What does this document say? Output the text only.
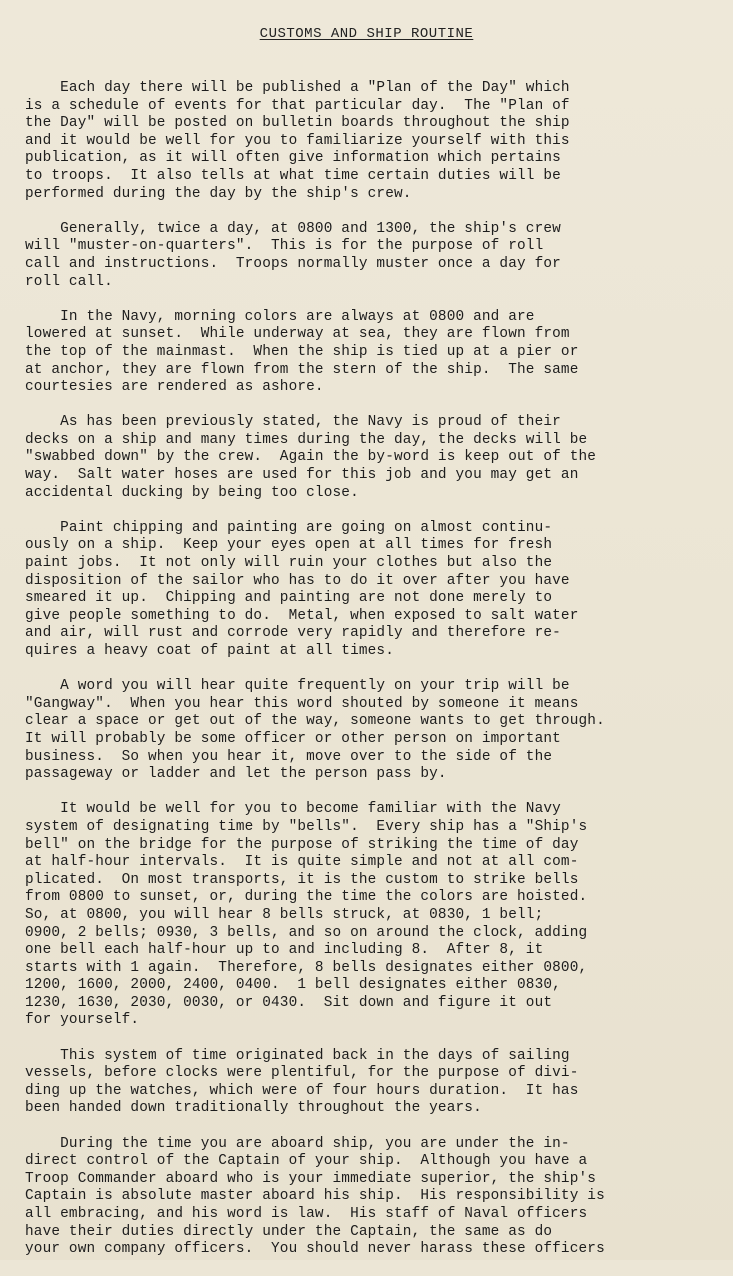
CUSTOMS AND SHIP ROUTINE
Each day there will be published a "Plan of the Day" which
is a schedule of events for that particular day.  The "Plan of
the Day" will be posted on bulletin boards throughout the ship
and it would be well for you to familiarize yourself with this
publication, as it will often give information which pertains
to troops.  It also tells at what time certain duties will be
performed during the day by the ship's crew.
Generally, twice a day, at 0800 and 1300, the ship's crew
will "muster-on-quarters".  This is for the purpose of roll
call and instructions.  Troops normally muster once a day for
roll call.
In the Navy, morning colors are always at 0800 and are
lowered at sunset.  While underway at sea, they are flown from
the top of the mainmast.  When the ship is tied up at a pier or
at anchor, they are flown from the stern of the ship.  The same
courtesies are rendered as ashore.
As has been previously stated, the Navy is proud of their
decks on a ship and many times during the day, the decks will be
"swabbed down" by the crew.  Again the by-word is keep out of the
way.  Salt water hoses are used for this job and you may get an
accidental ducking by being too close.
Paint chipping and painting are going on almost continu-
ously on a ship.  Keep your eyes open at all times for fresh
paint jobs.  It not only will ruin your clothes but also the
disposition of the sailor who has to do it over after you have
smeared it up.  Chipping and painting are not done merely to
give people something to do.  Metal, when exposed to salt water
and air, will rust and corrode very rapidly and therefore re-
quires a heavy coat of paint at all times.
A word you will hear quite frequently on your trip will be
"Gangway".  When you hear this word shouted by someone it means
clear a space or get out of the way, someone wants to get through.
It will probably be some officer or other person on important
business.  So when you hear it, move over to the side of the
passageway or ladder and let the person pass by.
It would be well for you to become familiar with the Navy
system of designating time by "bells".  Every ship has a "Ship's
bell" on the bridge for the purpose of striking the time of day
at half-hour intervals.  It is quite simple and not at all com-
plicated.  On most transports, it is the custom to strike bells
from 0800 to sunset, or, during the time the colors are hoisted.
So, at 0800, you will hear 8 bells struck, at 0830, 1 bell;
0900, 2 bells; 0930, 3 bells, and so on around the clock, adding
one bell each half-hour up to and including 8.  After 8, it
starts with 1 again.  Therefore, 8 bells designates either 0800,
1200, 1600, 2000, 2400, 0400.  1 bell designates either 0830,
1230, 1630, 2030, 0030, or 0430.  Sit down and figure it out
for yourself.
This system of time originated back in the days of sailing
vessels, before clocks were plentiful, for the purpose of divi-
ding up the watches, which were of four hours duration.  It has
been handed down traditionally throughout the years.
During the time you are aboard ship, you are under the in-
direct control of the Captain of your ship.  Although you have a
Troop Commander aboard who is your immediate superior, the ship's
Captain is absolute master aboard his ship.  His responsibility is
all embracing, and his word is law.  His staff of Naval officers
have their duties directly under the Captain, the same as do
your own company officers.  You should never harass these officers
